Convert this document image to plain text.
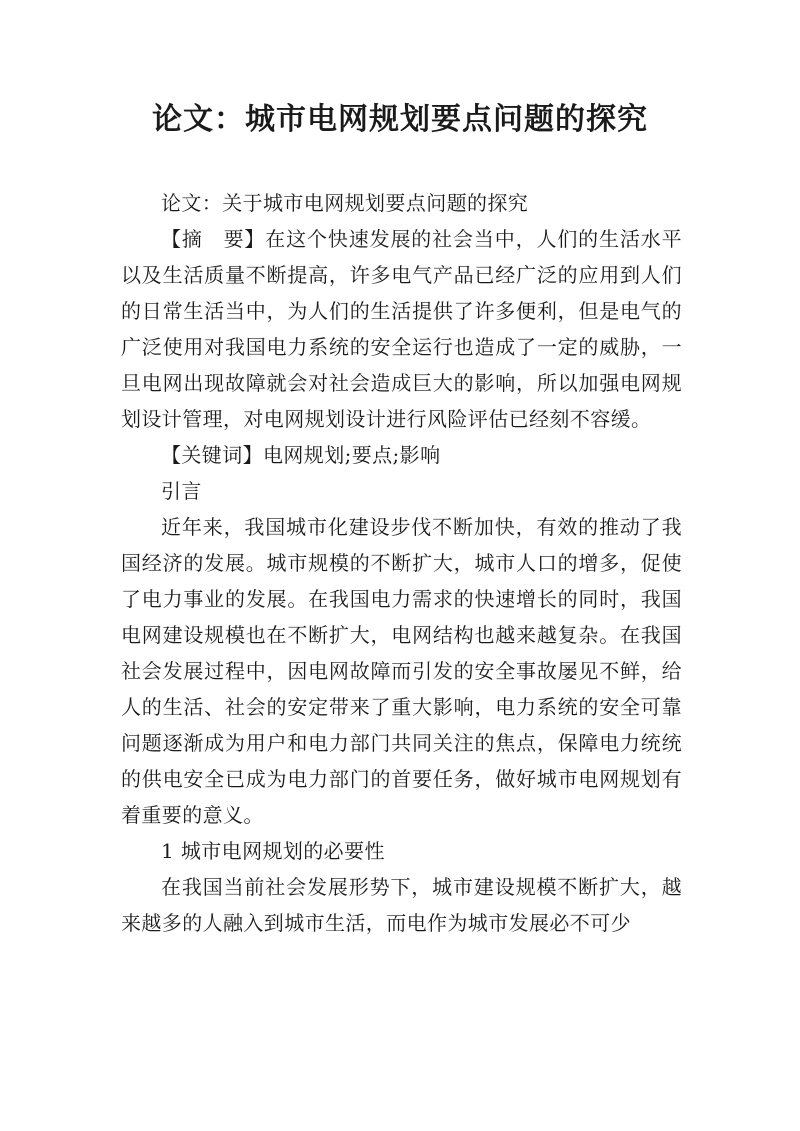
论文：城市电网规划要点问题的探究

论文：关于城市电网规划要点问题的探究

【摘　要】在这个快速发展的社会当中，人们的生活水平以及生活质量不断提高，许多电气产品已经广泛的应用到人们的日常生活当中，为人们的生活提供了许多便利，但是电气的广泛使用对我国电力系统的安全运行也造成了一定的威胁，一旦电网出现故障就会对社会造成巨大的影响，所以加强电网规划设计管理，对电网规划设计进行风险评估已经刻不容缓。

【关键词】电网规划;要点;影响

引言

近年来，我国城市化建设步伐不断加快，有效的推动了我国经济的发展。城市规模的不断扩大，城市人口的增多，促使了电力事业的发展。在我国电力需求的快速增长的同时，我国电网建设规模也在不断扩大，电网结构也越来越复杂。在我国社会发展过程中，因电网故障而引发的安全事故屡见不鲜，给人的生活、社会的安定带来了重大影响，电力系统的安全可靠问题逐渐成为用户和电力部门共同关注的焦点，保障电力统统的供电安全已成为电力部门的首要任务，做好城市电网规划有着重要的意义。

1 城市电网规划的必要性

在我国当前社会发展形势下，城市建设规模不断扩大，越来越多的人融入到城市生活，而电作为城市发展必不可少
